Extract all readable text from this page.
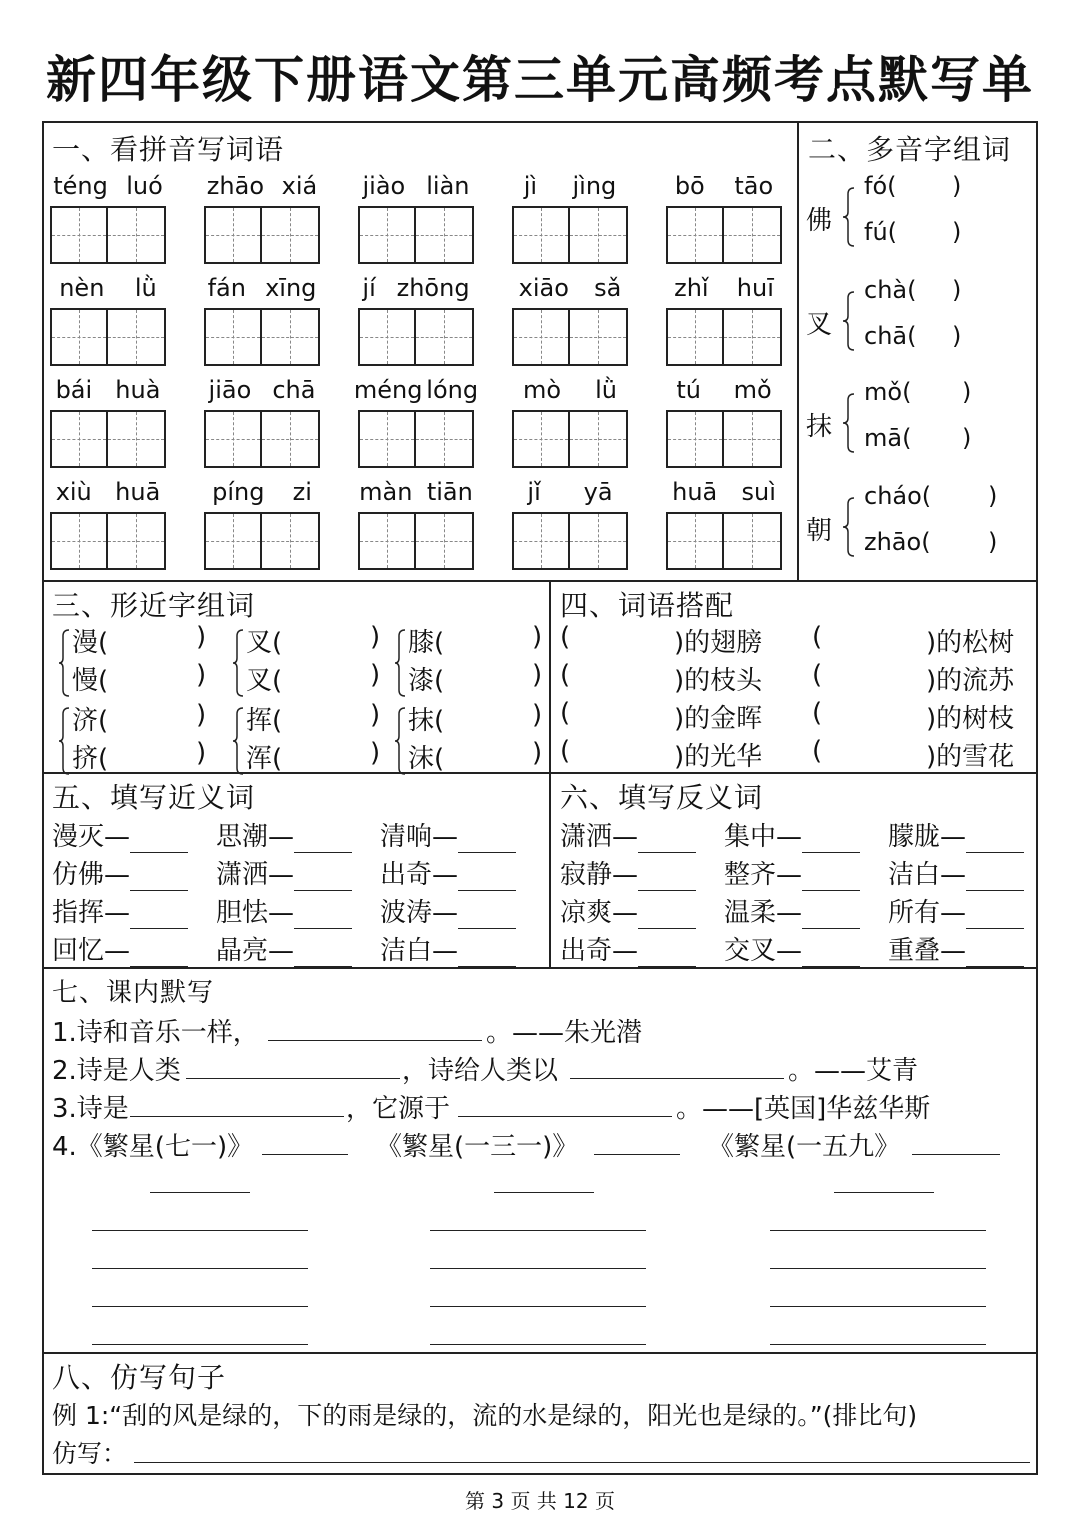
新四年级下册语文第三单元高频考点默写单
一、看拼音写词语
téng luó zhāo xiá jiào liàn jì jìng bō tāo
nèn lǜ fán xīng jí zhōng xiāo sǎ zhǐ huī
bái huà jiāo chā méng lóng mò lǜ tú mǒ
xiù huā píng zi màn tiān jǐ yā huā suì
二、多音字组词
佛
fó( )
fú( )
叉
chà( )
chā( )
抹
mǒ( )
mā( )
朝
cháo( )
zhāo( )
三、形近字组词
漫(	)
慢(	)
叉(	)
叉(	)
膝(	)
漆(	)
济(	)
挤(	)
挥(	)
浑(	)
抹(	)
沫(	)
四、词语搭配
(	)的翅膀 (	)的松树
(	)的枝头 (	)的流苏
(	)的金晖 (	)的树枝
(	)的光华 (	)的雪花
五、填写近义词
漫灭—	思潮—	清响—
仿佛—	潇洒—	出奇—
指挥—	胆怯—	波涛—
回忆—	晶亮—	洁白—
六、填写反义词
潇洒—	集中—	朦胧—
寂静—	整齐—	洁白—
凉爽—	温柔—	所有—
出奇—	交叉—	重叠—
七、课内默写
1.诗和音乐一样，	。——朱光潜
2.诗是人类	，诗给人类以	。——艾青
3.诗是	，它源于	。——[英国]华兹华斯
4.《繁星(七一)》	《繁星(一三一)》	《繁星(一五九》
八、仿写句子
例 1:“刮的风是绿的，下的雨是绿的，流的水是绿的，阳光也是绿的。”(排比句)
仿写：
第 3 页 共 12 页
